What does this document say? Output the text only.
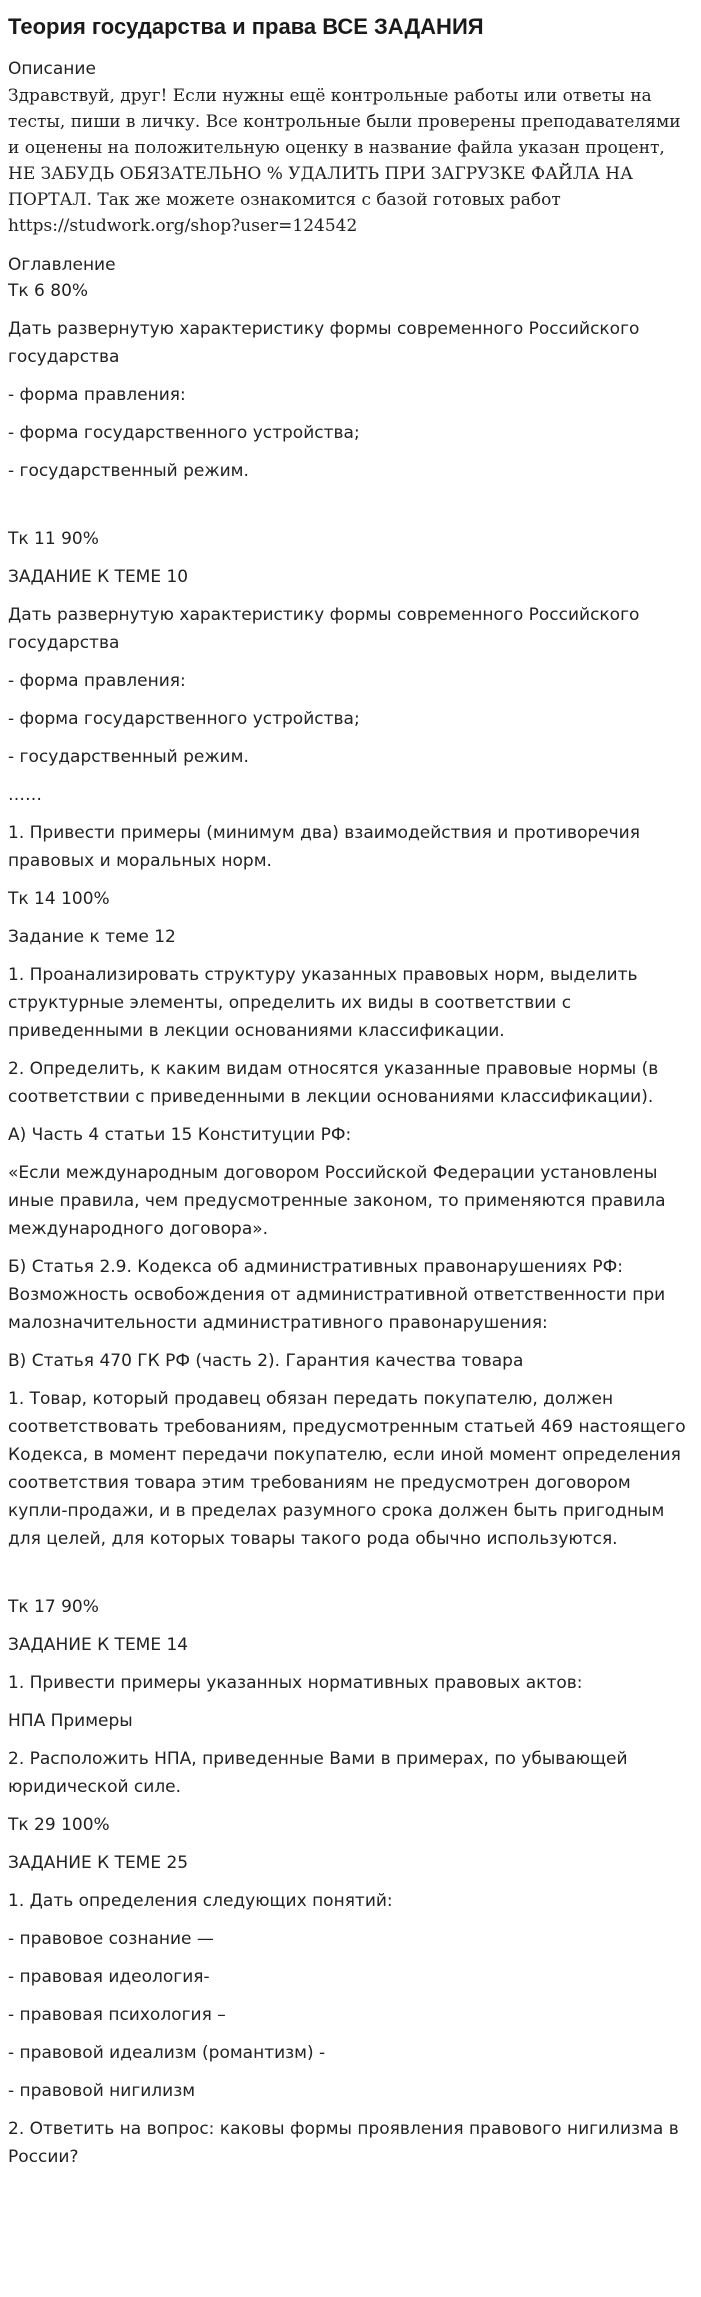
Теория государства и права ВСЕ ЗАДАНИЯ
Описание
Здравствуй, друг! Если нужны ещё контрольные работы или ответы на тесты, пиши в личку. Все контрольные были проверены преподавателями и оценены на положительную оценку в название файла указан процент, НЕ ЗАБУДЬ ОБЯЗАТЕЛЬНО % УДАЛИТЬ ПРИ ЗАГРУЗКЕ ФАЙЛА НА ПОРТАЛ. Так же можете ознакомится с базой готовых работ https://studwork.org/shop?user=124542
Оглавление

Тк 6 80%

Дать развернутую характеристику формы современного Российского государства

- форма правления:

- форма государственного устройства;

- государственный режим.

Тк 11 90%

ЗАДАНИЕ К ТЕМЕ 10

Дать развернутую характеристику формы современного Российского государства

- форма правления:

- форма государственного устройства;

- государственный режим.

……

1. Привести примеры (минимум два) взаимодействия и противоречия правовых и моральных норм.

Тк 14 100%

Задание к теме 12

1. Проанализировать структуру указанных правовых норм, выделить структурные элементы, определить их виды в соответствии с приведенными в лекции основаниями классификации.

2. Определить, к каким видам относятся указанные правовые нормы (в соответствии с приведенными в лекции основаниями классификации).

А) Часть 4 статьи 15 Конституции РФ:

«Если международным договором Российской Федерации установлены иные правила, чем предусмотренные законом, то применяются правила международного договора».

Б) Статья 2.9. Кодекса об административных правонарушениях РФ: Возможность освобождения от административной ответственности при малозначительности административного правонарушения:

В) Статья 470 ГК РФ (часть 2). Гарантия качества товара

1. Товар, который продавец обязан передать покупателю, должен соответствовать требованиям, предусмотренным статьей 469 настоящего Кодекса, в момент передачи покупателю, если иной момент определения соответствия товара этим требованиям не предусмотрен договором купли-продажи, и в пределах разумного срока должен быть пригодным для целей, для которых товары такого рода обычно используются.

Тк 17 90%

ЗАДАНИЕ К ТЕМЕ 14

1. Привести примеры указанных нормативных правовых актов:

НПА Примеры

2. Расположить НПА, приведенные Вами в примерах, по убывающей юридической силе.

Тк 29 100%

ЗАДАНИЕ К ТЕМЕ 25

1. Дать определения следующих понятий:

- правовое сознание —

- правовая идеология-

- правовая психология –

- правовой идеализм (романтизм) -

- правовой нигилизм

2. Ответить на вопрос: каковы формы проявления правового нигилизма в России?
